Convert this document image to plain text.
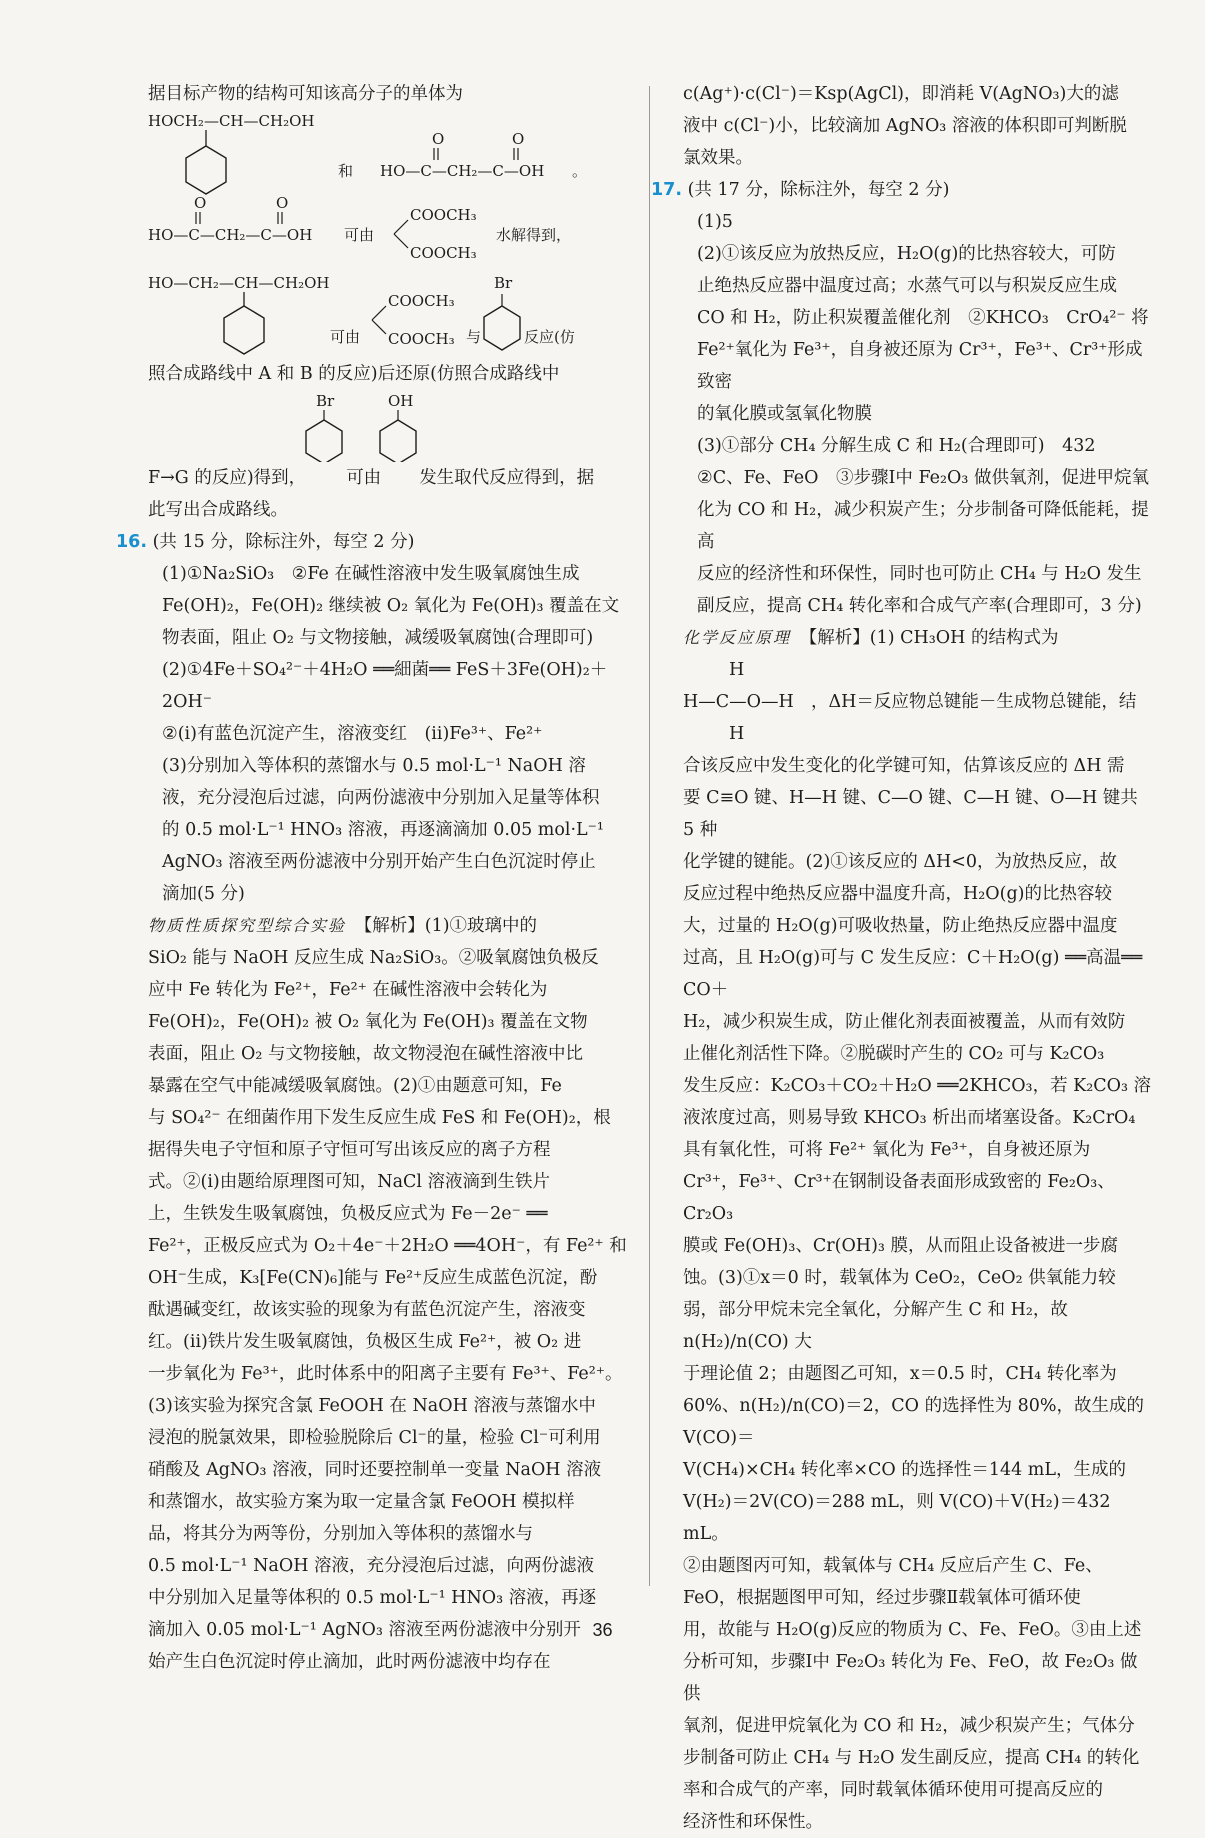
据目标产物的结构可知该高分子的单体为

HOCH₂—CH—CH₂OH
和
O	O
HO—C—CH₂—C—OH 。
O	O
HO—C—CH₂—C—OH 可由
COOCH₃
COOCH₃
水解得到，
HO—CH₂—CH—CH₂OH
可由
COOCH₃
COOCH₃ 与
Br
反应(仿

照合成路线中 A 和 B 的反应)后还原(仿照合成路线中

Br	OH

F→G 的反应)得到， 可由 发生取代反应得到，据

此写出合成路线。

16. (共 15 分，除标注外，每空 2 分)

(1)①Na₂SiO₃　②Fe 在碱性溶液中发生吸氧腐蚀生成

Fe(OH)₂，Fe(OH)₂ 继续被 O₂ 氧化为 Fe(OH)₃ 覆盖在文

物表面，阻止 O₂ 与文物接触，减缓吸氧腐蚀(合理即可)

(2)①4Fe＋SO₄²⁻＋4H₂O ══細菌══ FeS＋3Fe(OH)₂＋2OH⁻

②(ⅰ)有蓝色沉淀产生，溶液变红　(ⅱ)Fe³⁺、Fe²⁺

(3)分别加入等体积的蒸馏水与 0.5 mol·L⁻¹ NaOH 溶

液，充分浸泡后过滤，向两份滤液中分别加入足量等体积

的 0.5 mol·L⁻¹ HNO₃ 溶液，再逐滴滴加 0.05 mol·L⁻¹

AgNO₃ 溶液至两份滤液中分别开始产生白色沉淀时停止

滴加(5 分)

物质性质探究型综合实验　 【解析】(1)①玻璃中的

SiO₂ 能与 NaOH 反应生成 Na₂SiO₃。②吸氧腐蚀负极反

应中 Fe 转化为 Fe²⁺，Fe²⁺ 在碱性溶液中会转化为

Fe(OH)₂，Fe(OH)₂ 被 O₂ 氧化为 Fe(OH)₃ 覆盖在文物

表面，阻止 O₂ 与文物接触，故文物浸泡在碱性溶液中比

暴露在空气中能减缓吸氧腐蚀。(2)①由题意可知，Fe

与 SO₄²⁻ 在细菌作用下发生反应生成 FeS 和 Fe(OH)₂，根

据得失电子守恒和原子守恒可写出该反应的离子方程

式。②(ⅰ)由题给原理图可知，NaCl 溶液滴到生铁片

上，生铁发生吸氧腐蚀，负极反应式为 Fe－2e⁻ ══

Fe²⁺，正极反应式为 O₂＋4e⁻＋2H₂O ══4OH⁻，有 Fe²⁺ 和

OH⁻生成，K₃[Fe(CN)₆]能与 Fe²⁺反应生成蓝色沉淀，酚

酞遇碱变红，故该实验的现象为有蓝色沉淀产生，溶液变

红。(ⅱ)铁片发生吸氧腐蚀，负极区生成 Fe²⁺，被 O₂ 进

一步氧化为 Fe³⁺，此时体系中的阳离子主要有 Fe³⁺、Fe²⁺。

(3)该实验为探究含氯 FeOOH 在 NaOH 溶液与蒸馏水中

浸泡的脱氯效果，即检验脱除后 Cl⁻的量，检验 Cl⁻可利用

硝酸及 AgNO₃ 溶液，同时还要控制单一变量 NaOH 溶液

和蒸馏水，故实验方案为取一定量含氯 FeOOH 模拟样

品，将其分为两等份，分别加入等体积的蒸馏水与

0.5 mol·L⁻¹ NaOH 溶液，充分浸泡后过滤，向两份滤液

中分别加入足量等体积的 0.5 mol·L⁻¹ HNO₃ 溶液，再逐

滴加入 0.05 mol·L⁻¹ AgNO₃ 溶液至两份滤液中分别开

始产生白色沉淀时停止滴加，此时两份滤液中均存在

c(Ag⁺)·c(Cl⁻)＝Ksp(AgCl)，即消耗 V(AgNO₃)大的滤

液中 c(Cl⁻)小，比较滴加 AgNO₃ 溶液的体积即可判断脱

氯效果。

17. (共 17 分，除标注外，每空 2 分)

(1)5

(2)①该反应为放热反应，H₂O(g)的比热容较大，可防

止绝热反应器中温度过高；水蒸气可以与积炭反应生成

CO 和 H₂，防止积炭覆盖催化剂　②KHCO₃　CrO₄²⁻ 将

Fe²⁺氧化为 Fe³⁺，自身被还原为 Cr³⁺，Fe³⁺、Cr³⁺形成致密

的氧化膜或氢氧化物膜

(3)①部分 CH₄ 分解生成 C 和 H₂(合理即可)　432

②C、Fe、FeO　③步骤Ⅰ中 Fe₂O₃ 做供氧剂，促进甲烷氧

化为 CO 和 H₂，减少积炭产生；分步制备可降低能耗，提高

反应的经济性和环保性，同时也可防止 CH₄ 与 H₂O 发生

副反应，提高 CH₄ 转化率和合成气产率(合理即可，3 分)

化学反应原理　 【解析】(1) CH₃OH 的结构式为

H
H—C—O—H
H
，ΔH＝反应物总键能－生成物总键能，结

合该反应中发生变化的化学键可知，估算该反应的 ΔH 需

要 C≡O 键、H—H 键、C—O 键、C—H 键、O—H 键共 5 种

化学键的键能。(2)①该反应的 ΔH<0，为放热反应，故

反应过程中绝热反应器中温度升高，H₂O(g)的比热容较

大，过量的 H₂O(g)可吸收热量，防止绝热反应器中温度

过高，且 H₂O(g)可与 C 发生反应：C＋H₂O(g) ══高温══ CO＋

H₂，减少积炭生成，防止催化剂表面被覆盖，从而有效防

止催化剂活性下降。②脱碳时产生的 CO₂ 可与 K₂CO₃

发生反应：K₂CO₃＋CO₂＋H₂O ══2KHCO₃，若 K₂CO₃ 溶

液浓度过高，则易导致 KHCO₃ 析出而堵塞设备。K₂CrO₄

具有氧化性，可将 Fe²⁺ 氧化为 Fe³⁺，自身被还原为

Cr³⁺，Fe³⁺、Cr³⁺在钢制设备表面形成致密的 Fe₂O₃、Cr₂O₃

膜或 Fe(OH)₃、Cr(OH)₃ 膜，从而阻止设备被进一步腐

蚀。(3)①x＝0 时，载氧体为 CeO₂，CeO₂ 供氧能力较

弱，部分甲烷未完全氧化，分解产生 C 和 H₂，故 n(H₂)/n(CO) 大

于理论值 2；由题图乙可知，x＝0.5 时，CH₄ 转化率为

60%、n(H₂)/n(CO)＝2，CO 的选择性为 80%，故生成的 V(CO)＝

V(CH₄)×CH₄ 转化率×CO 的选择性＝144 mL，生成的

V(H₂)＝2V(CO)＝288 mL，则 V(CO)＋V(H₂)＝432 mL。

②由题图丙可知，载氧体与 CH₄ 反应后产生 C、Fe、

FeO，根据题图甲可知，经过步骤Ⅱ载氧体可循环使

用，故能与 H₂O(g)反应的物质为 C、Fe、FeO。③由上述

分析可知，步骤Ⅰ中 Fe₂O₃ 转化为 Fe、FeO，故 Fe₂O₃ 做供

氧剂，促进甲烷氧化为 CO 和 H₂，减少积炭产生；气体分

步制备可防止 CH₄ 与 H₂O 发生副反应，提高 CH₄ 的转化

率和合成气的产率，同时载氧体循环使用可提高反应的

经济性和环保性。

36
